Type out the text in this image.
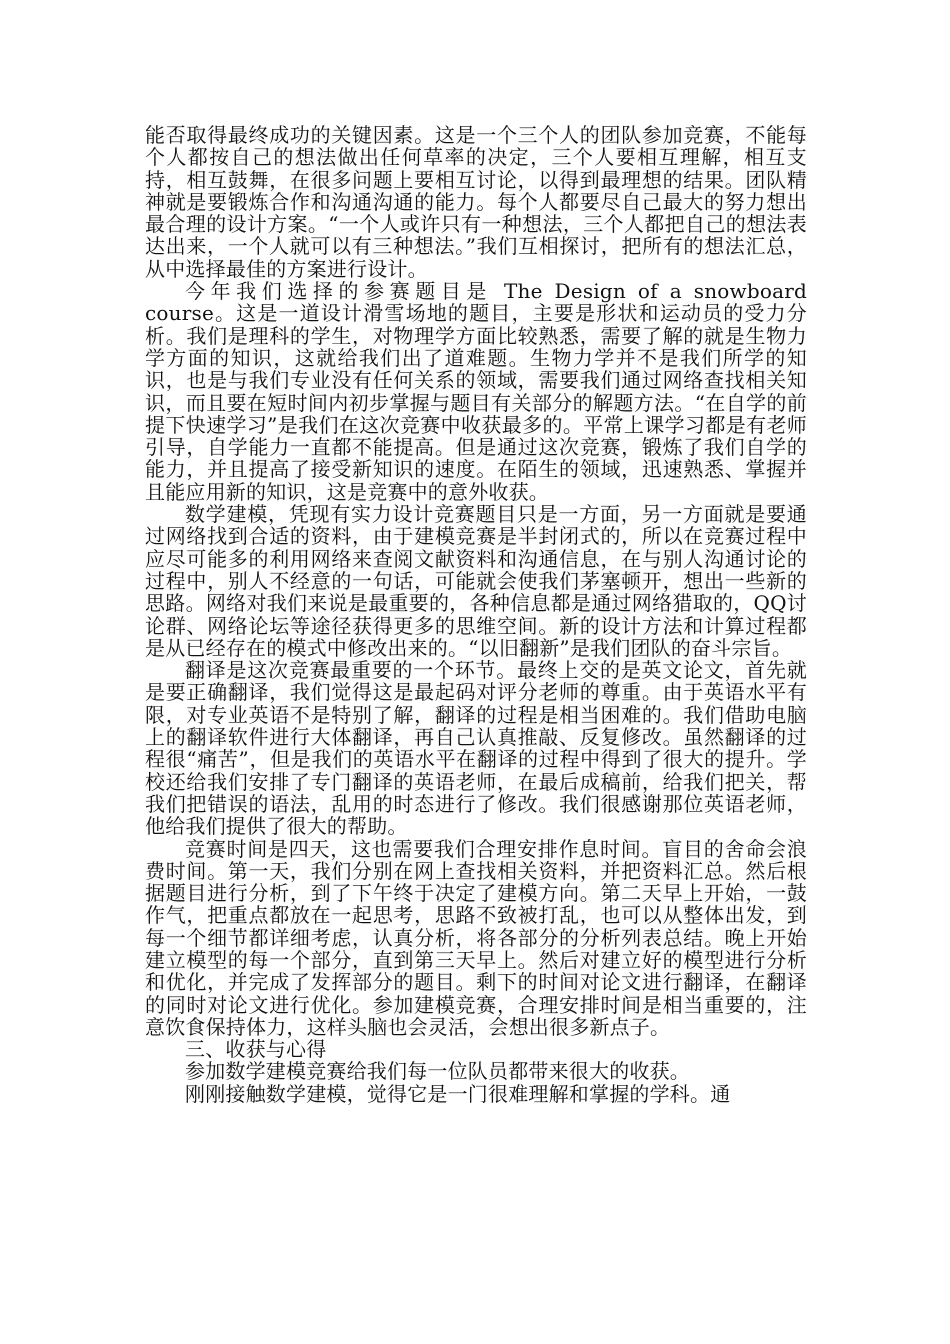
能否取得最终成功的关键因素。这是一个三个人的团队参加竞赛，不能每个人都按自己的想法做出任何草率的决定，三个人要相互理解，相互支持，相互鼓舞，在很多问题上要相互讨论，以得到最理想的结果。团队精神就是要锻炼合作和沟通沟通的能力。每个人都要尽自己最大的努力想出最合理的设计方案。“一个人或许只有一种想法，三个人都把自己的想法表达出来，一个人就可以有三种想法。”我们互相探讨，把所有的想法汇总，从中选择最佳的方案进行设计。

今年我们选择的参赛题目是 The Design of a snowboard course。这是一道设计滑雪场地的题目，主要是形状和运动员的受力分析。我们是理科的学生，对物理学方面比较熟悉，需要了解的就是生物力学方面的知识，这就给我们出了道难题。生物力学并不是我们所学的知识，也是与我们专业没有任何关系的领域，需要我们通过网络查找相关知识，而且要在短时间内初步掌握与题目有关部分的解题方法。“在自学的前提下快速学习”是我们在这次竞赛中收获最多的。平常上课学习都是有老师引导，自学能力一直都不能提高。但是通过这次竞赛，锻炼了我们自学的能力，并且提高了接受新知识的速度。在陌生的领域，迅速熟悉、掌握并且能应用新的知识，这是竞赛中的意外收获。

数学建模，凭现有实力设计竞赛题目只是一方面，另一方面就是要通过网络找到合适的资料，由于建模竞赛是半封闭式的，所以在竞赛过程中应尽可能多的利用网络来查阅文献资料和沟通信息，在与别人沟通讨论的过程中，别人不经意的一句话，可能就会使我们茅塞顿开，想出一些新的思路。网络对我们来说是最重要的，各种信息都是通过网络猎取的，QQ讨论群、网络论坛等途径获得更多的思维空间。新的设计方法和计算过程都是从已经存在的模式中修改出来的。“以旧翻新”是我们团队的奋斗宗旨。

翻译是这次竞赛最重要的一个环节。最终上交的是英文论文，首先就是要正确翻译，我们觉得这是最起码对评分老师的尊重。由于英语水平有限，对专业英语不是特别了解，翻译的过程是相当困难的。我们借助电脑上的翻译软件进行大体翻译，再自己认真推敲、反复修改。虽然翻译的过程很“痛苦”，但是我们的英语水平在翻译的过程中得到了很大的提升。学校还给我们安排了专门翻译的英语老师，在最后成稿前，给我们把关，帮我们把错误的语法，乱用的时态进行了修改。我们很感谢那位英语老师，他给我们提供了很大的帮助。

竞赛时间是四天，这也需要我们合理安排作息时间。盲目的舍命会浪费时间。第一天，我们分别在网上查找相关资料，并把资料汇总。然后根据题目进行分析，到了下午终于决定了建模方向。第二天早上开始，一鼓作气，把重点都放在一起思考，思路不致被打乱，也可以从整体出发，到每一个细节都详细考虑，认真分析，将各部分的分析列表总结。晚上开始建立模型的每一个部分，直到第三天早上。然后对建立好的模型进行分析和优化，并完成了发挥部分的题目。剩下的时间对论文进行翻译，在翻译的同时对论文进行优化。参加建模竞赛，合理安排时间是相当重要的，注意饮食保持体力，这样头脑也会灵活，会想出很多新点子。

三、收获与心得

参加数学建模竞赛给我们每一位队员都带来很大的收获。

刚刚接触数学建模，觉得它是一门很难理解和掌握的学科。通
